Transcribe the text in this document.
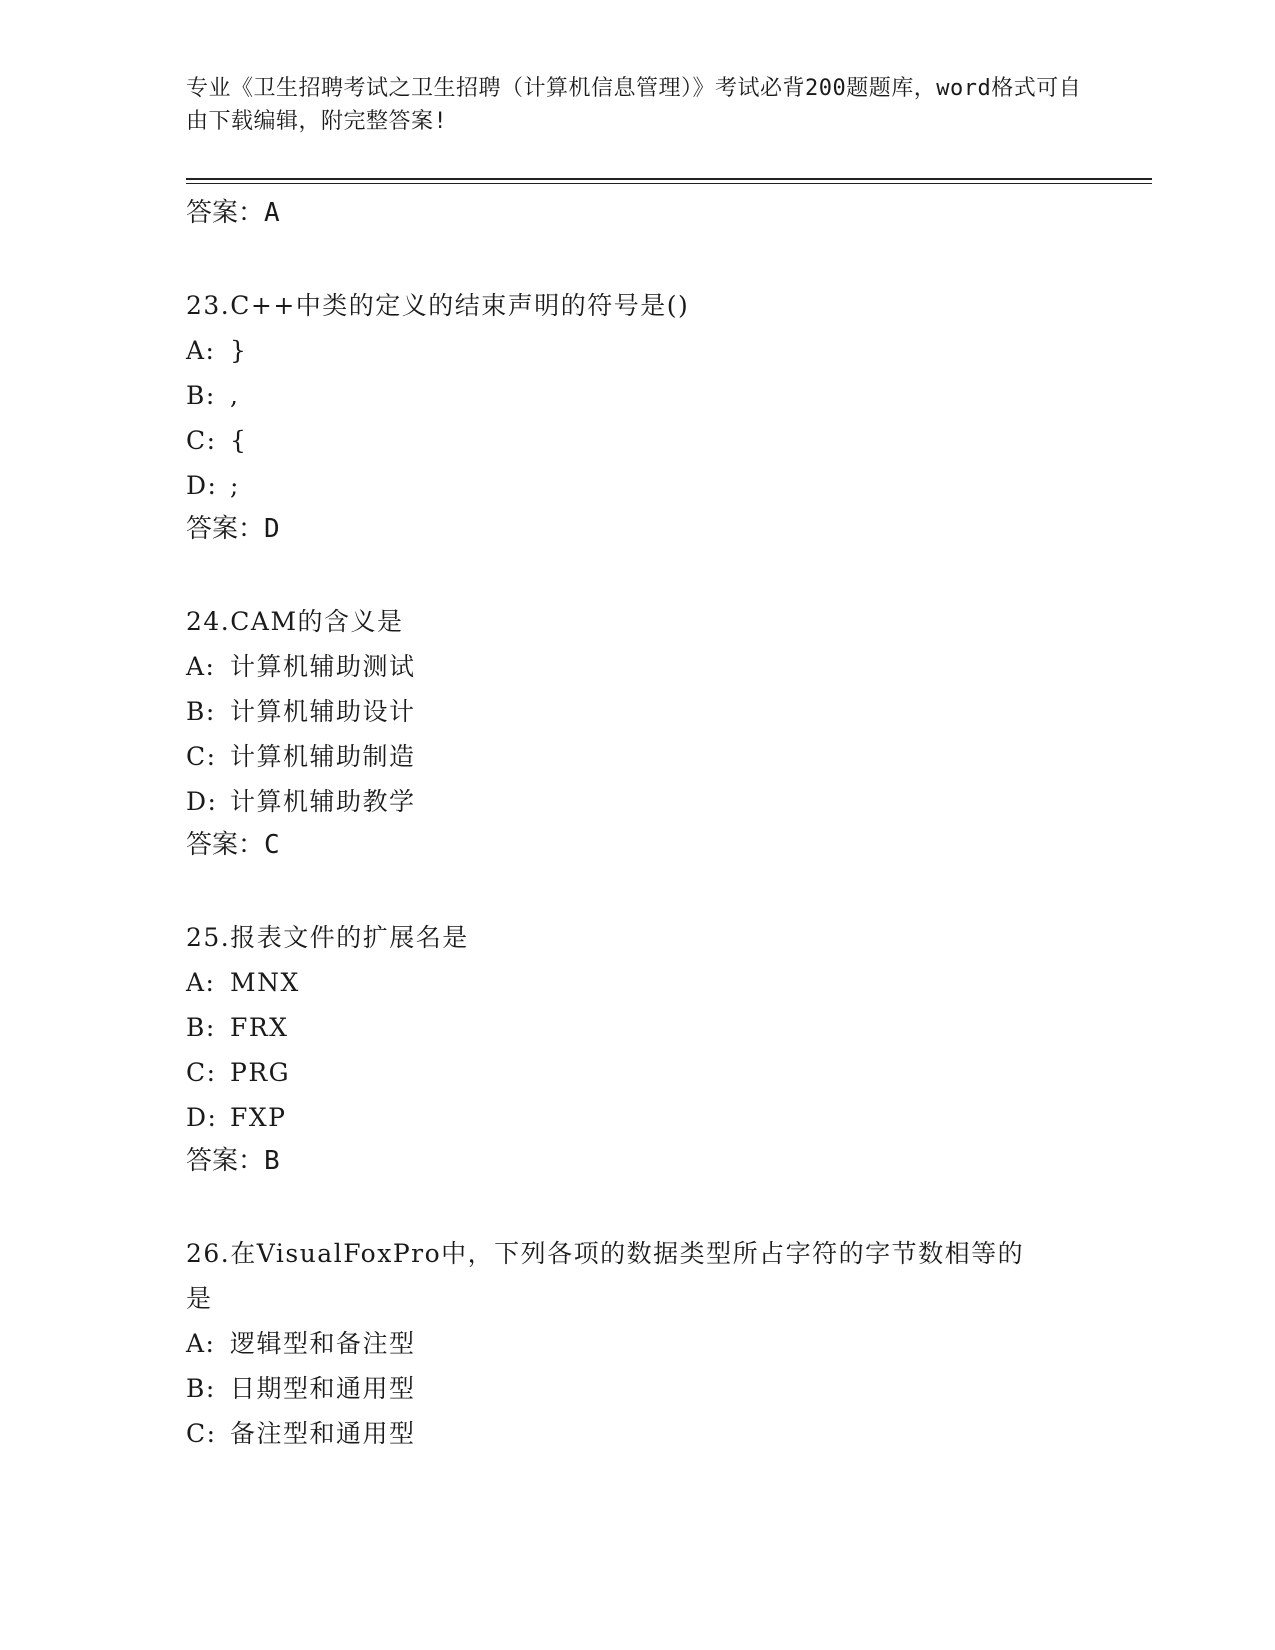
专业《卫生招聘考试之卫生招聘（计算机信息管理）》考试必背200题题库，word格式可自由下载编辑，附完整答案!
答案：A
23.C++中类的定义的结束声明的符号是()
A: }
B: ,
C: {
D: ;
答案：D
24.CAM的含义是
A: 计算机辅助测试
B: 计算机辅助设计
C: 计算机辅助制造
D: 计算机辅助教学
答案：C
25.报表文件的扩展名是
A: MNX
B: FRX
C: PRG
D: FXP
答案：B
26.在VisualFoxPro中，下列各项的数据类型所占字符的字节数相等的是
A: 逻辑型和备注型
B: 日期型和通用型
C: 备注型和通用型
